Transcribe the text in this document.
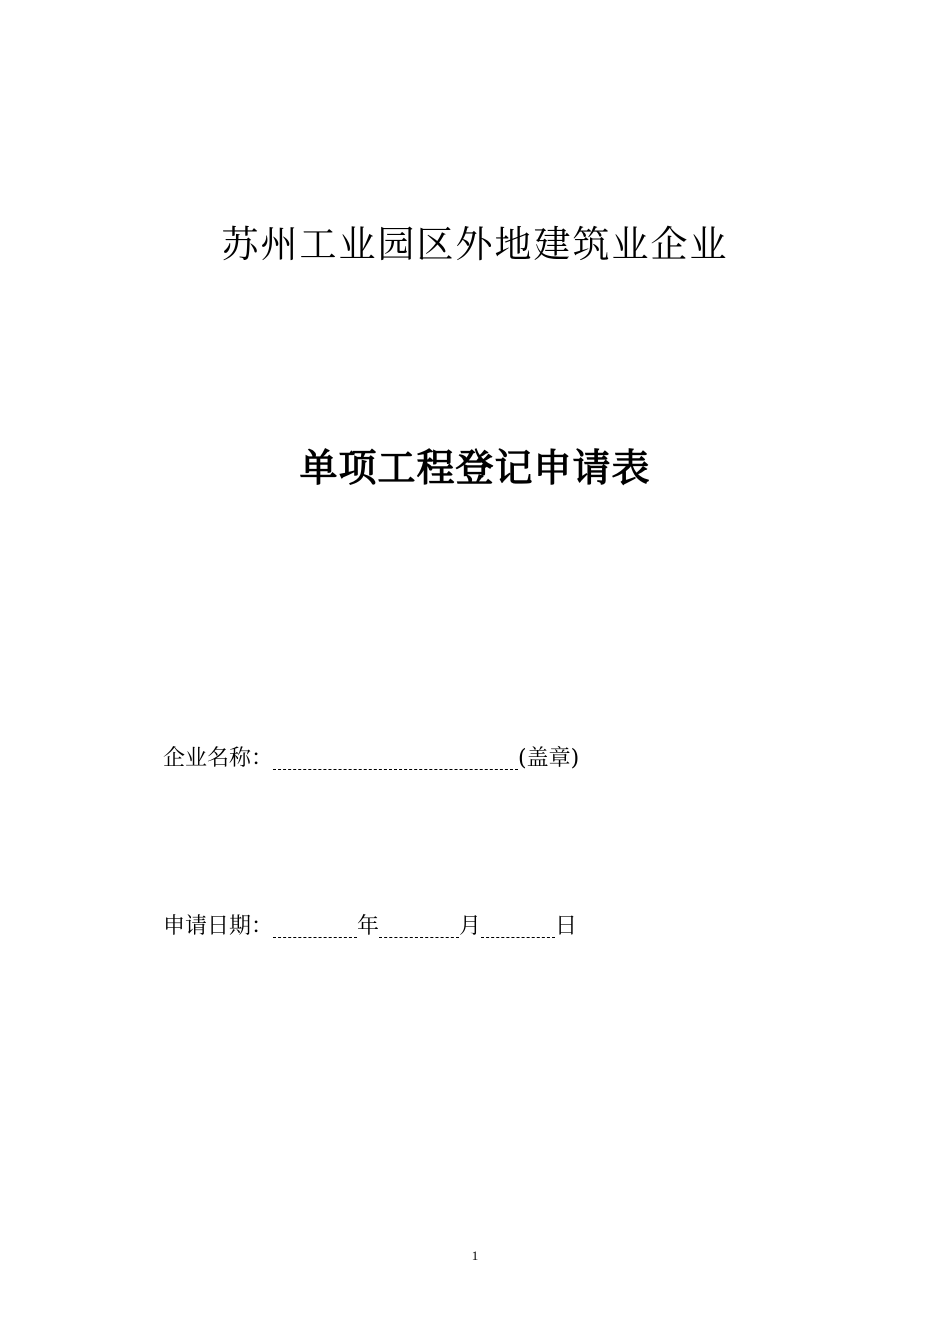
苏州工业园区外地建筑业企业
单项工程登记申请表
企业名称：	(盖章)
申请日期：	年	月	日
1
